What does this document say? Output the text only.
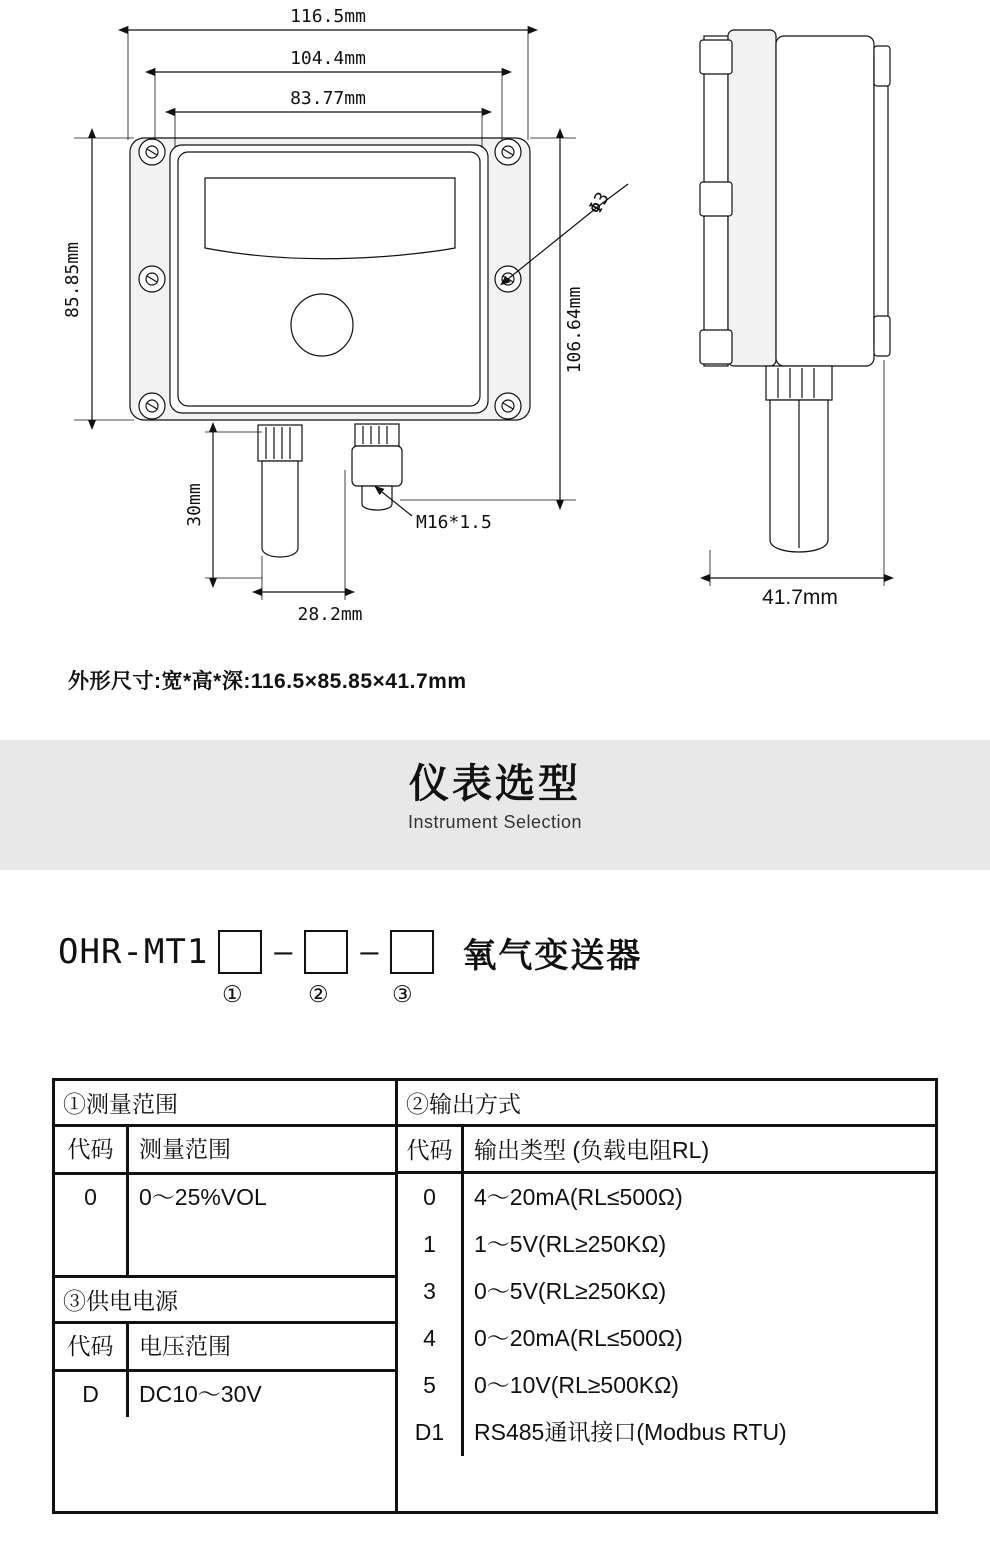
116.5mm
104.4mm
83.77mm
85.85mm
106.64mm
30mm
28.2mm
Φ3
M16*1.5
41.7mm
外形尺寸:宽*高*深:116.5×85.85×41.7mm
仪表选型
Instrument Selection
OHR-MT1 – – 氧气变送器
①	②	③
①测量范围
代码	测量范围
0	0～25%VOL
③供电电源
代码	电压范围
D	DC10～30V
②输出方式
代码 输出类型 (负载电阻RL)
0	4～20mA(RL≤500Ω)
1	1～5V(RL≥250KΩ)
3	0～5V(RL≥250KΩ)
4	0～20mA(RL≤500Ω)
5	0～10V(RL≥500KΩ)
D1	RS485通讯接口(Modbus RTU)
